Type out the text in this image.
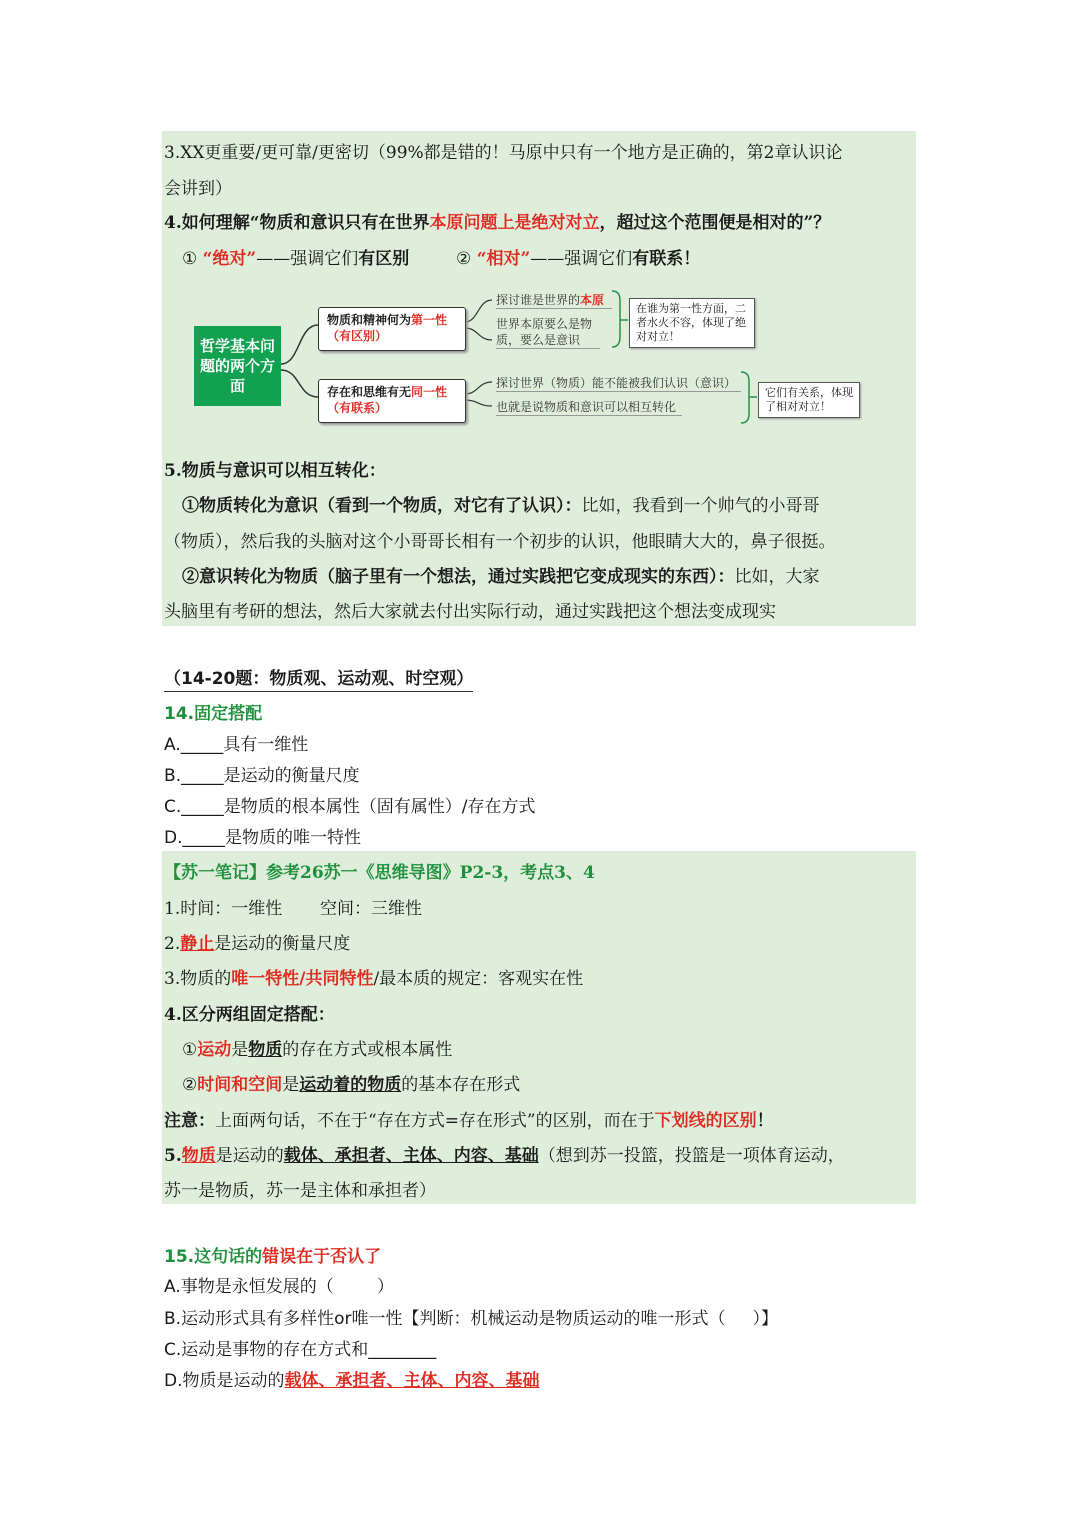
3.XX更重要/更可靠/更密切（99%都是错的！马原中只有一个地方是正确的，第2章认识论
会讲到）
4.如何理解“物质和意识只有在世界本原问题上是绝对对立，超过这个范围便是相对的”？
① “绝对”——强调它们有区别	② “相对”——强调它们有联系！
哲学基本问题的两个方面
物质和精神何为第一性
（有区别）
存在和思维有无同一性
（有联系）
探讨谁是世界的本原
世界本原要么是物质，要么是意识
在谁为第一性方面，二者水火不容，体现了绝对对立！
探讨世界（物质）能不能被我们认识（意识）
也就是说物质和意识可以相互转化
它们有关系，体现了相对对立！
5.物质与意识可以相互转化：
①物质转化为意识（看到一个物质，对它有了认识）：比如，我看到一个帅气的小哥哥
（物质），然后我的头脑对这个小哥哥长相有一个初步的认识，他眼睛大大的，鼻子很挺。
②意识转化为物质（脑子里有一个想法，通过实践把它变成现实的东西）：比如，大家
头脑里有考研的想法，然后大家就去付出实际行动，通过实践把这个想法变成现实
（14-20题：物质观、运动观、时空观）
14.固定搭配
A._____具有一维性
B._____是运动的衡量尺度
C._____是物质的根本属性（固有属性）/存在方式
D._____是物质的唯一特性
【苏一笔记】参考26苏一《思维导图》P2-3，考点3、4
1.时间：一维性       空间：三维性
2.静止是运动的衡量尺度
3.物质的唯一特性/共同特性/最本质的规定：客观实在性
4.区分两组固定搭配：
①运动是物质的存在方式或根本属性
②时间和空间是运动着的物质的基本存在形式
注意：上面两句话，不在于“存在方式=存在形式”的区别，而在于下划线的区别！
5.物质是运动的载体、承担者、主体、内容、基础（想到苏一投篮，投篮是一项体育运动，
苏一是物质，苏一是主体和承担者）
15.这句话的错误在于否认了
A.事物是永恒发展的（        ）
B.运动形式具有多样性or唯一性【判断：机械运动是物质运动的唯一形式（     ）】
C.运动是事物的存在方式和________
D.物质是运动的载体、承担者、主体、内容、基础
